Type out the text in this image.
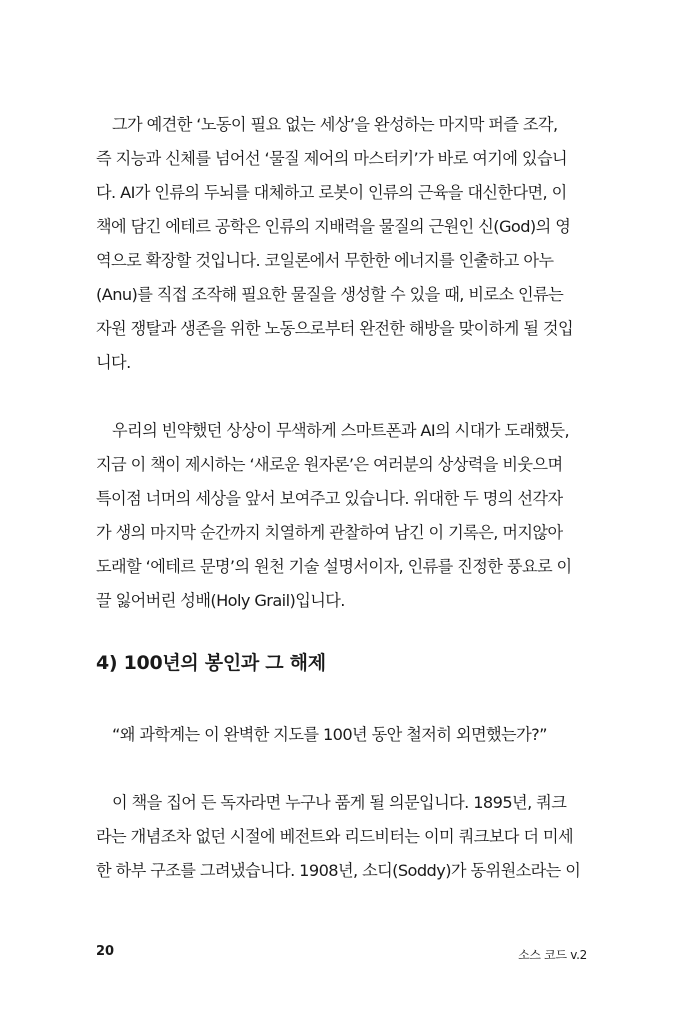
그가 예견한 ‘노동이 필요 없는 세상’을 완성하는 마지막 퍼즐 조각,
즉 지능과 신체를 넘어선 ‘물질 제어의 마스터키’가 바로 여기에 있습니
다. AI가 인류의 두뇌를 대체하고 로봇이 인류의 근육을 대신한다면, 이
책에 담긴 에테르 공학은 인류의 지배력을 물질의 근원인 신(God)의 영
역으로 확장할 것입니다. 코일론에서 무한한 에너지를 인출하고 아누
(Anu)를 직접 조작해 필요한 물질을 생성할 수 있을 때, 비로소 인류는
자원 쟁탈과 생존을 위한 노동으로부터 완전한 해방을 맞이하게 될 것입
니다.
우리의 빈약했던 상상이 무색하게 스마트폰과 AI의 시대가 도래했듯,
지금 이 책이 제시하는 ‘새로운 원자론’은 여러분의 상상력을 비웃으며
특이점 너머의 세상을 앞서 보여주고 있습니다. 위대한 두 명의 선각자
가 생의 마지막 순간까지 치열하게 관찰하여 남긴 이 기록은, 머지않아
도래할 ‘에테르 문명’의 원천 기술 설명서이자, 인류를 진정한 풍요로 이
끌 잃어버린 성배(Holy Grail)입니다.
4) 100년의 봉인과 그 해제
“왜 과학계는 이 완벽한 지도를 100년 동안 철저히 외면했는가?”
이 책을 집어 든 독자라면 누구나 품게 될 의문입니다. 1895년, 쿼크
라는 개념조차 없던 시절에 베전트와 리드비터는 이미 쿼크보다 더 미세
한 하부 구조를 그려냈습니다. 1908년, 소디(Soddy)가 동위원소라는 이
20	소스 코드 v.2
